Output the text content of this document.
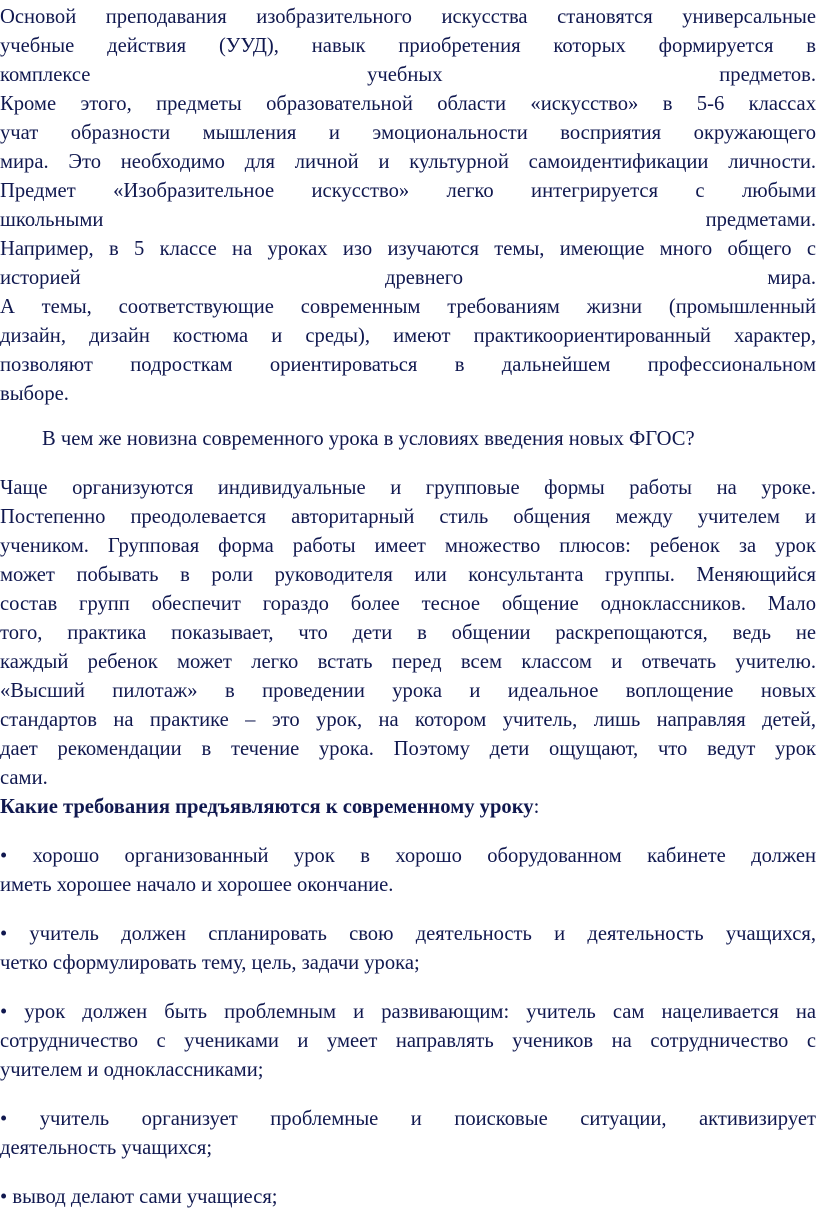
Основой преподавания изобразительного искусства становятся универсальные
учебные действия (УУД), навык приобретения которых формируется в
комплексе учебных предметов.
Кроме этого, предметы образовательной области «искусство» в 5-6 классах
учат образности мышления и эмоциональности восприятия окружающего
мира. Это необходимо для личной и культурной самоидентификации личности.
Предмет «Изобразительное искусство» легко интегрируется с любыми
школьными предметами.
Например, в 5 классе на уроках изо изучаются темы, имеющие много общего с
историей древнего мира.
А темы, соответствующие современным требованиям жизни (промышленный
дизайн, дизайн костюма и среды), имеют практикоориентированный характер,
позволяют подросткам ориентироваться в дальнейшем профессиональном
выборе.
В чем же новизна современного урока в условиях введения новых ФГОС?
Чаще организуются индивидуальные и групповые формы работы на уроке.
Постепенно преодолевается авторитарный стиль общения между учителем и
учеником. Групповая форма работы имеет множество плюсов: ребенок за урок
может побывать в роли руководителя или консультанта группы. Меняющийся
состав групп обеспечит гораздо более тесное общение одноклассников. Мало
того, практика показывает, что дети в общении раскрепощаются, ведь не
каждый ребенок может легко встать перед всем классом и отвечать учителю.
«Высший пилотаж» в проведении урока и идеальное воплощение новых
стандартов на практике – это урок, на котором учитель, лишь направляя детей,
дает рекомендации в течение урока. Поэтому дети ощущают, что ведут урок
сами.
Какие требования предъявляются к современному уроку:
• хорошо организованный урок в хорошо оборудованном кабинете должен
иметь хорошее начало и хорошее окончание.
• учитель должен спланировать свою деятельность и деятельность учащихся,
четко сформулировать тему, цель, задачи урока;
• урок должен быть проблемным и развивающим: учитель сам нацеливается на
сотрудничество с учениками и умеет направлять учеников на сотрудничество с
учителем и одноклассниками;
• учитель организует проблемные и поисковые ситуации, активизирует
деятельность учащихся;
• вывод делают сами учащиеся;
